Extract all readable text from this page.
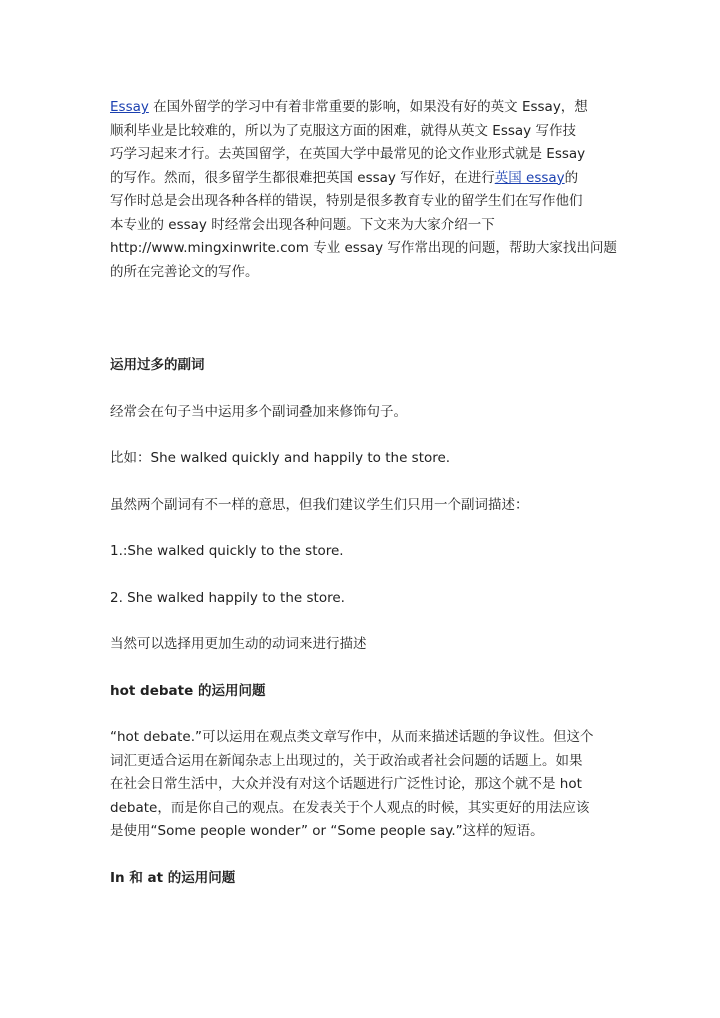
Essay 在国外留学的学习中有着非常重要的影响，如果没有好的英文 Essay，想
顺利毕业是比较难的，所以为了克服这方面的困难，就得从英文 Essay 写作技
巧学习起来才行。去英国留学，在英国大学中最常见的论文作业形式就是 Essay
的写作。然而，很多留学生都很难把英国 essay 写作好，在进行英国 essay的
写作时总是会出现各种各样的错误，特别是很多教育专业的留学生们在写作他们
本专业的 essay 时经常会出现各种问题。下文来为大家介绍一下
http://www.mingxinwrite.com 专业 essay 写作常出现的问题，帮助大家找出问题
的所在完善论文的写作。

运用过多的副词

经常会在句子当中运用多个副词叠加来修饰句子。

比如：She walked quickly and happily to the store.

虽然两个副词有不一样的意思，但我们建议学生们只用一个副词描述：

1.:She walked quickly to the store.

2. She walked happily to the store.

当然可以选择用更加生动的动词来进行描述

hot debate 的运用问题

“hot debate.”可以运用在观点类文章写作中，从而来描述话题的争议性。但这个
词汇更适合运用在新闻杂志上出现过的，关于政治或者社会问题的话题上。如果
在社会日常生活中，大众并没有对这个话题进行广泛性讨论，那这个就不是 hot
debate，而是你自己的观点。在发表关于个人观点的时候，其实更好的用法应该
是使用“Some people wonder” or “Some people say.”这样的短语。

In 和 at 的运用问题
